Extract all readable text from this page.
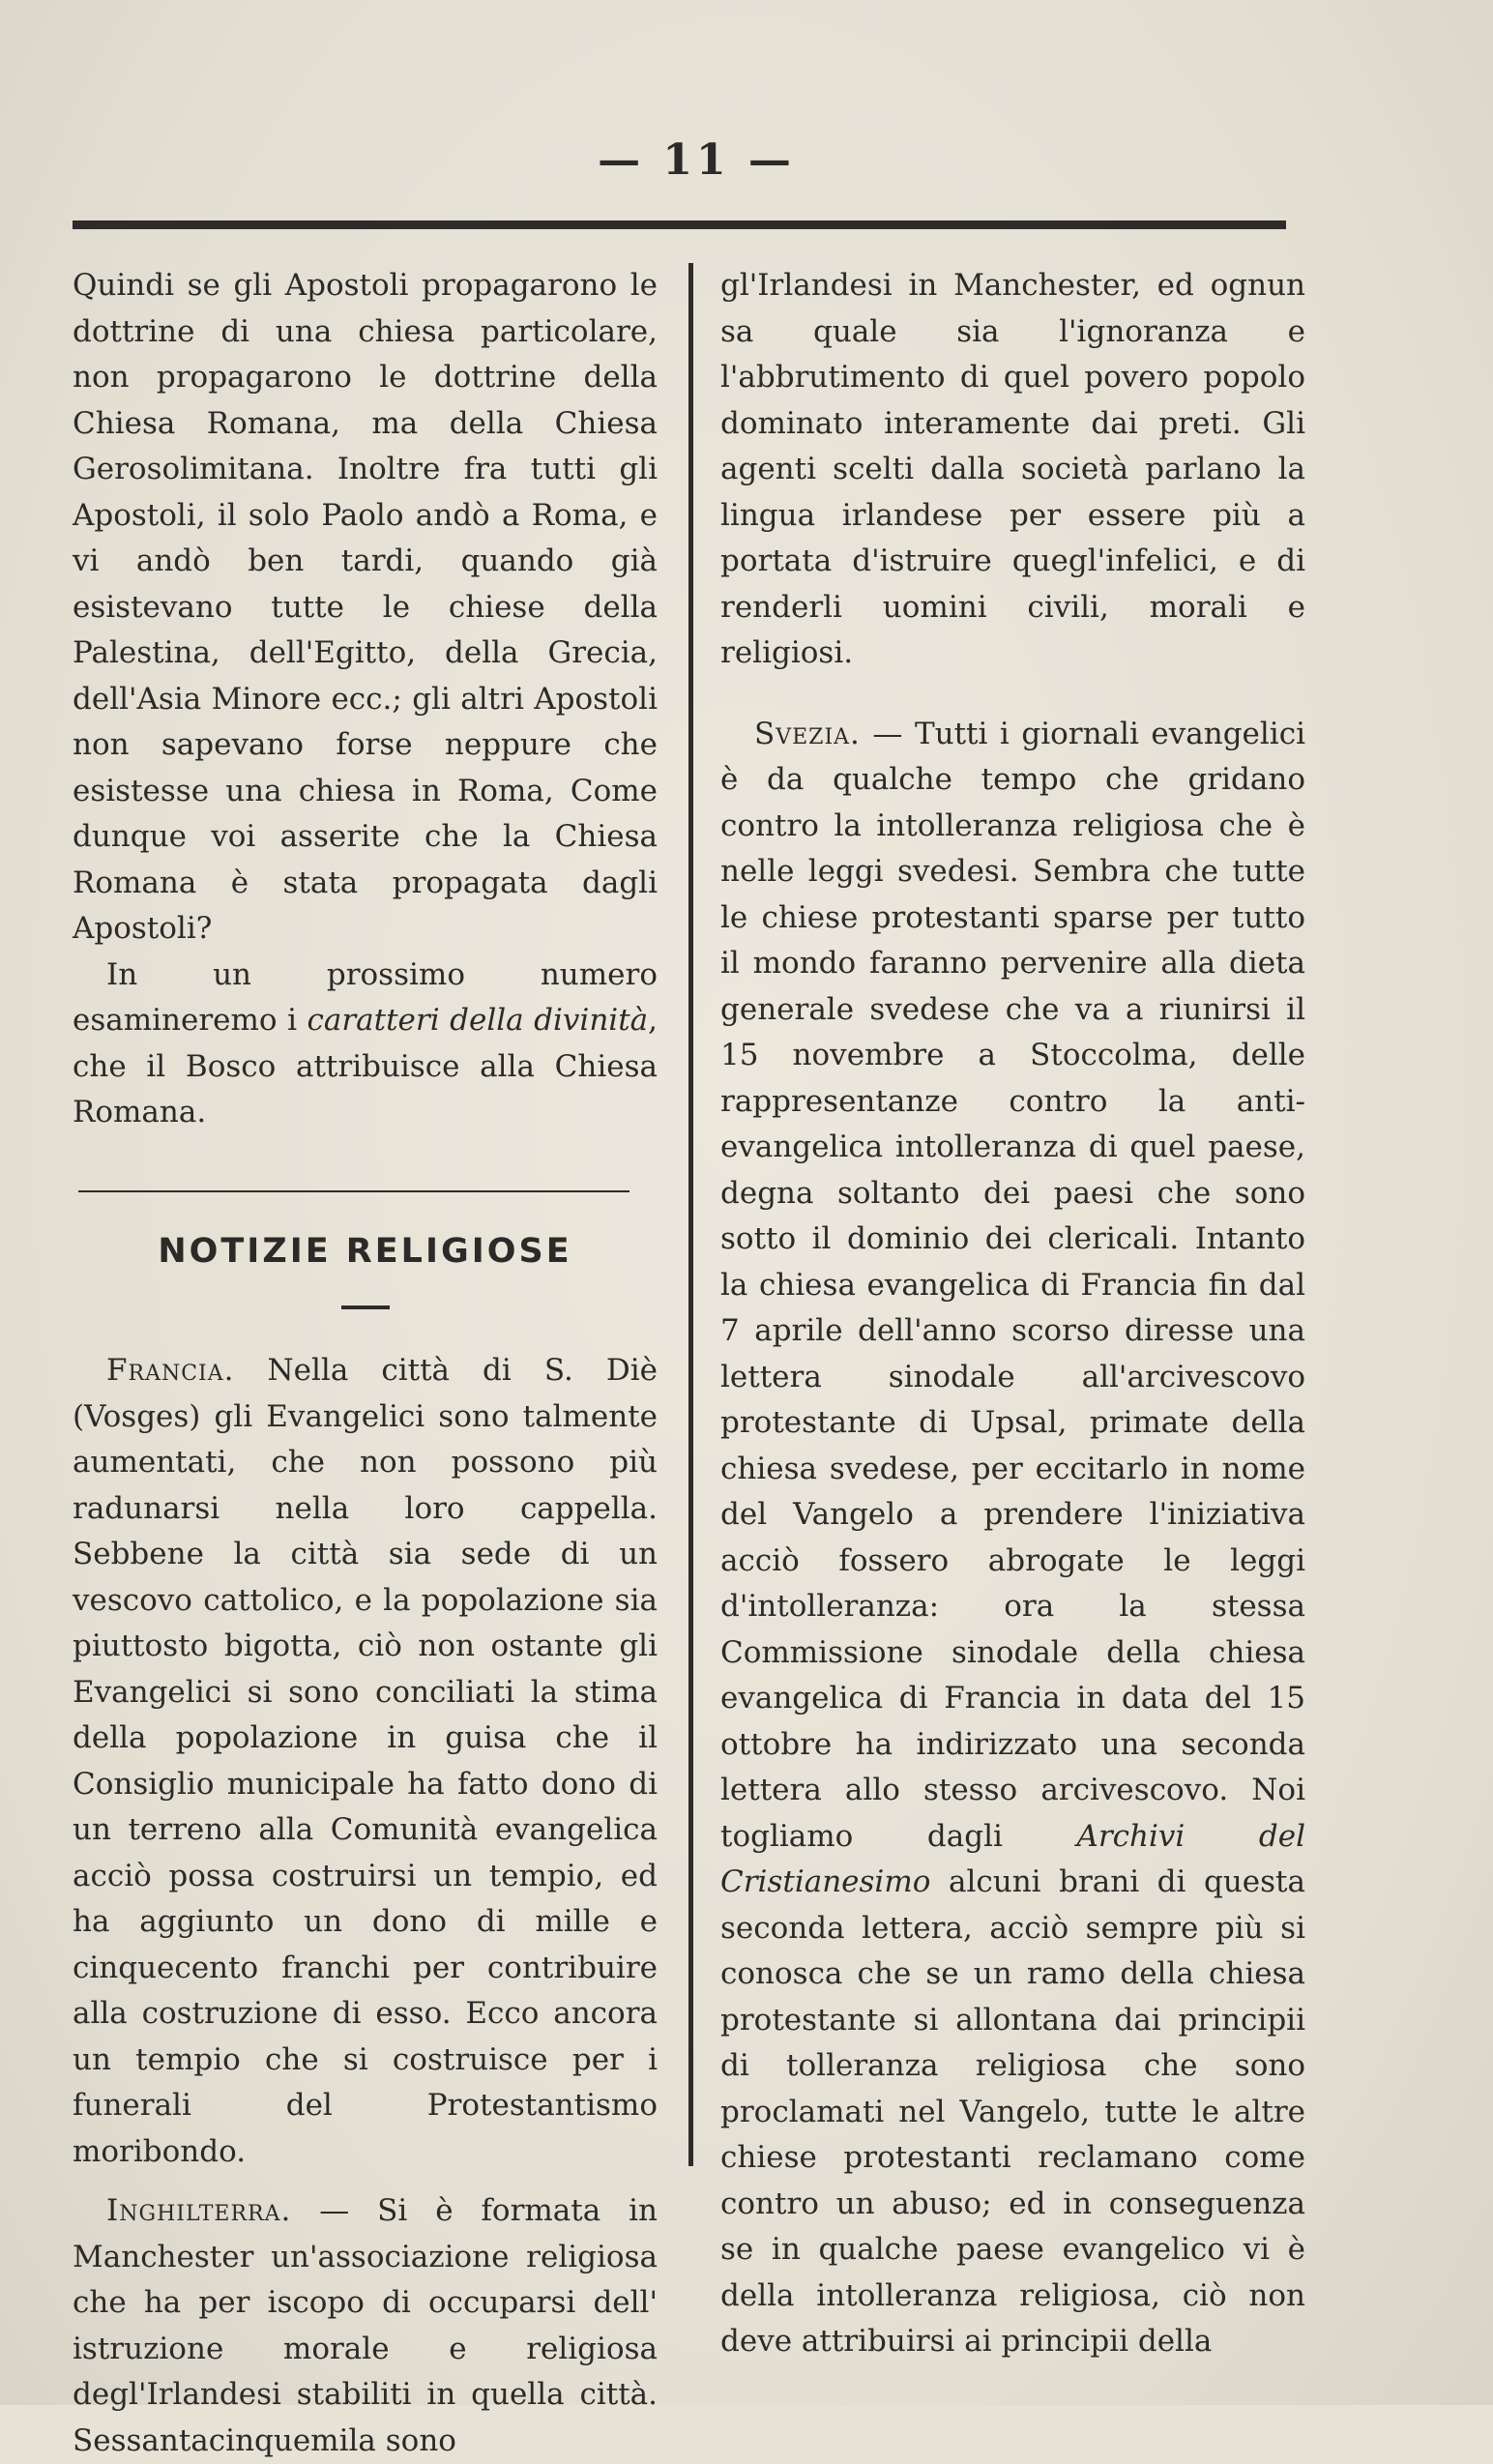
— 11 —

Quindi se gli Apostoli propagarono le dottrine di una chiesa particolare, non propagarono le dottrine della Chiesa Romana, ma della Chiesa Gerosolimitana. Inoltre fra tutti gli Apostoli, il solo Paolo andò a Roma, e vi andò ben tardi, quando già esistevano tutte le chiese della Palestina, dell'Egitto, della Grecia, dell'Asia Minore ecc.; gli altri Apostoli non sapevano forse neppure che esistesse una chiesa in Roma, Come dunque voi asserite che la Chiesa Romana è stata propagata dagli Apostoli?

In un prossimo numero esamineremo i caratteri della divinità, che il Bosco attribuisce alla Chiesa Romana.

NOTIZIE RELIGIOSE

Francia. Nella città di S. Diè (Vosges) gli Evangelici sono talmente aumentati, che non possono più radunarsi nella loro cappella. Sebbene la città sia sede di un vescovo cattolico, e la popolazione sia piuttosto bigotta, ciò non ostante gli Evangelici si sono conciliati la stima della popolazione in guisa che il Consiglio municipale ha fatto dono di un terreno alla Comunità evangelica acciò possa costruirsi un tempio, ed ha aggiunto un dono di mille e cinquecento franchi per contribuire alla costruzione di esso. Ecco ancora un tempio che si costruisce per i funerali del Protestantismo moribondo.

Inghilterra. — Si è formata in Manchester un'associazione religiosa che ha per iscopo di occuparsi dell' istruzione morale e religiosa degl'Irlandesi stabiliti in quella città. Sessantacinquemila sono

gl'Irlandesi in Manchester, ed ognun sa quale sia l'ignoranza e l'abbrutimento di quel povero popolo dominato interamente dai preti. Gli agenti scelti dalla società parlano la lingua irlandese per essere più a portata d'istruire quegl'infelici, e di renderli uomini civili, morali e religiosi.

Svezia. — Tutti i giornali evangelici è da qualche tempo che gridano contro la intolleranza religiosa che è nelle leggi svedesi. Sembra che tutte le chiese protestanti sparse per tutto il mondo faranno pervenire alla dieta generale svedese che va a riunirsi il 15 novembre a Stoccolma, delle rappresentanze contro la anti-evangelica intolleranza di quel paese, degna soltanto dei paesi che sono sotto il dominio dei clericali. Intanto la chiesa evangelica di Francia fin dal 7 aprile dell'anno scorso diresse una lettera sinodale all'arcivescovo protestante di Upsal, primate della chiesa svedese, per eccitarlo in nome del Vangelo a prendere l'iniziativa acciò fossero abrogate le leggi d'intolleranza: ora la stessa Commissione sinodale della chiesa evangelica di Francia in data del 15 ottobre ha indirizzato una seconda lettera allo stesso arcivescovo. Noi togliamo dagli Archivi del Cristianesimo alcuni brani di questa seconda lettera, acciò sempre più si conosca che se un ramo della chiesa protestante si allontana dai principii di tolleranza religiosa che sono proclamati nel Vangelo, tutte le altre chiese protestanti reclamano come contro un abuso; ed in conseguenza se in qualche paese evangelico vi è della intolleranza religiosa, ciò non deve attribuirsi ai principii della
